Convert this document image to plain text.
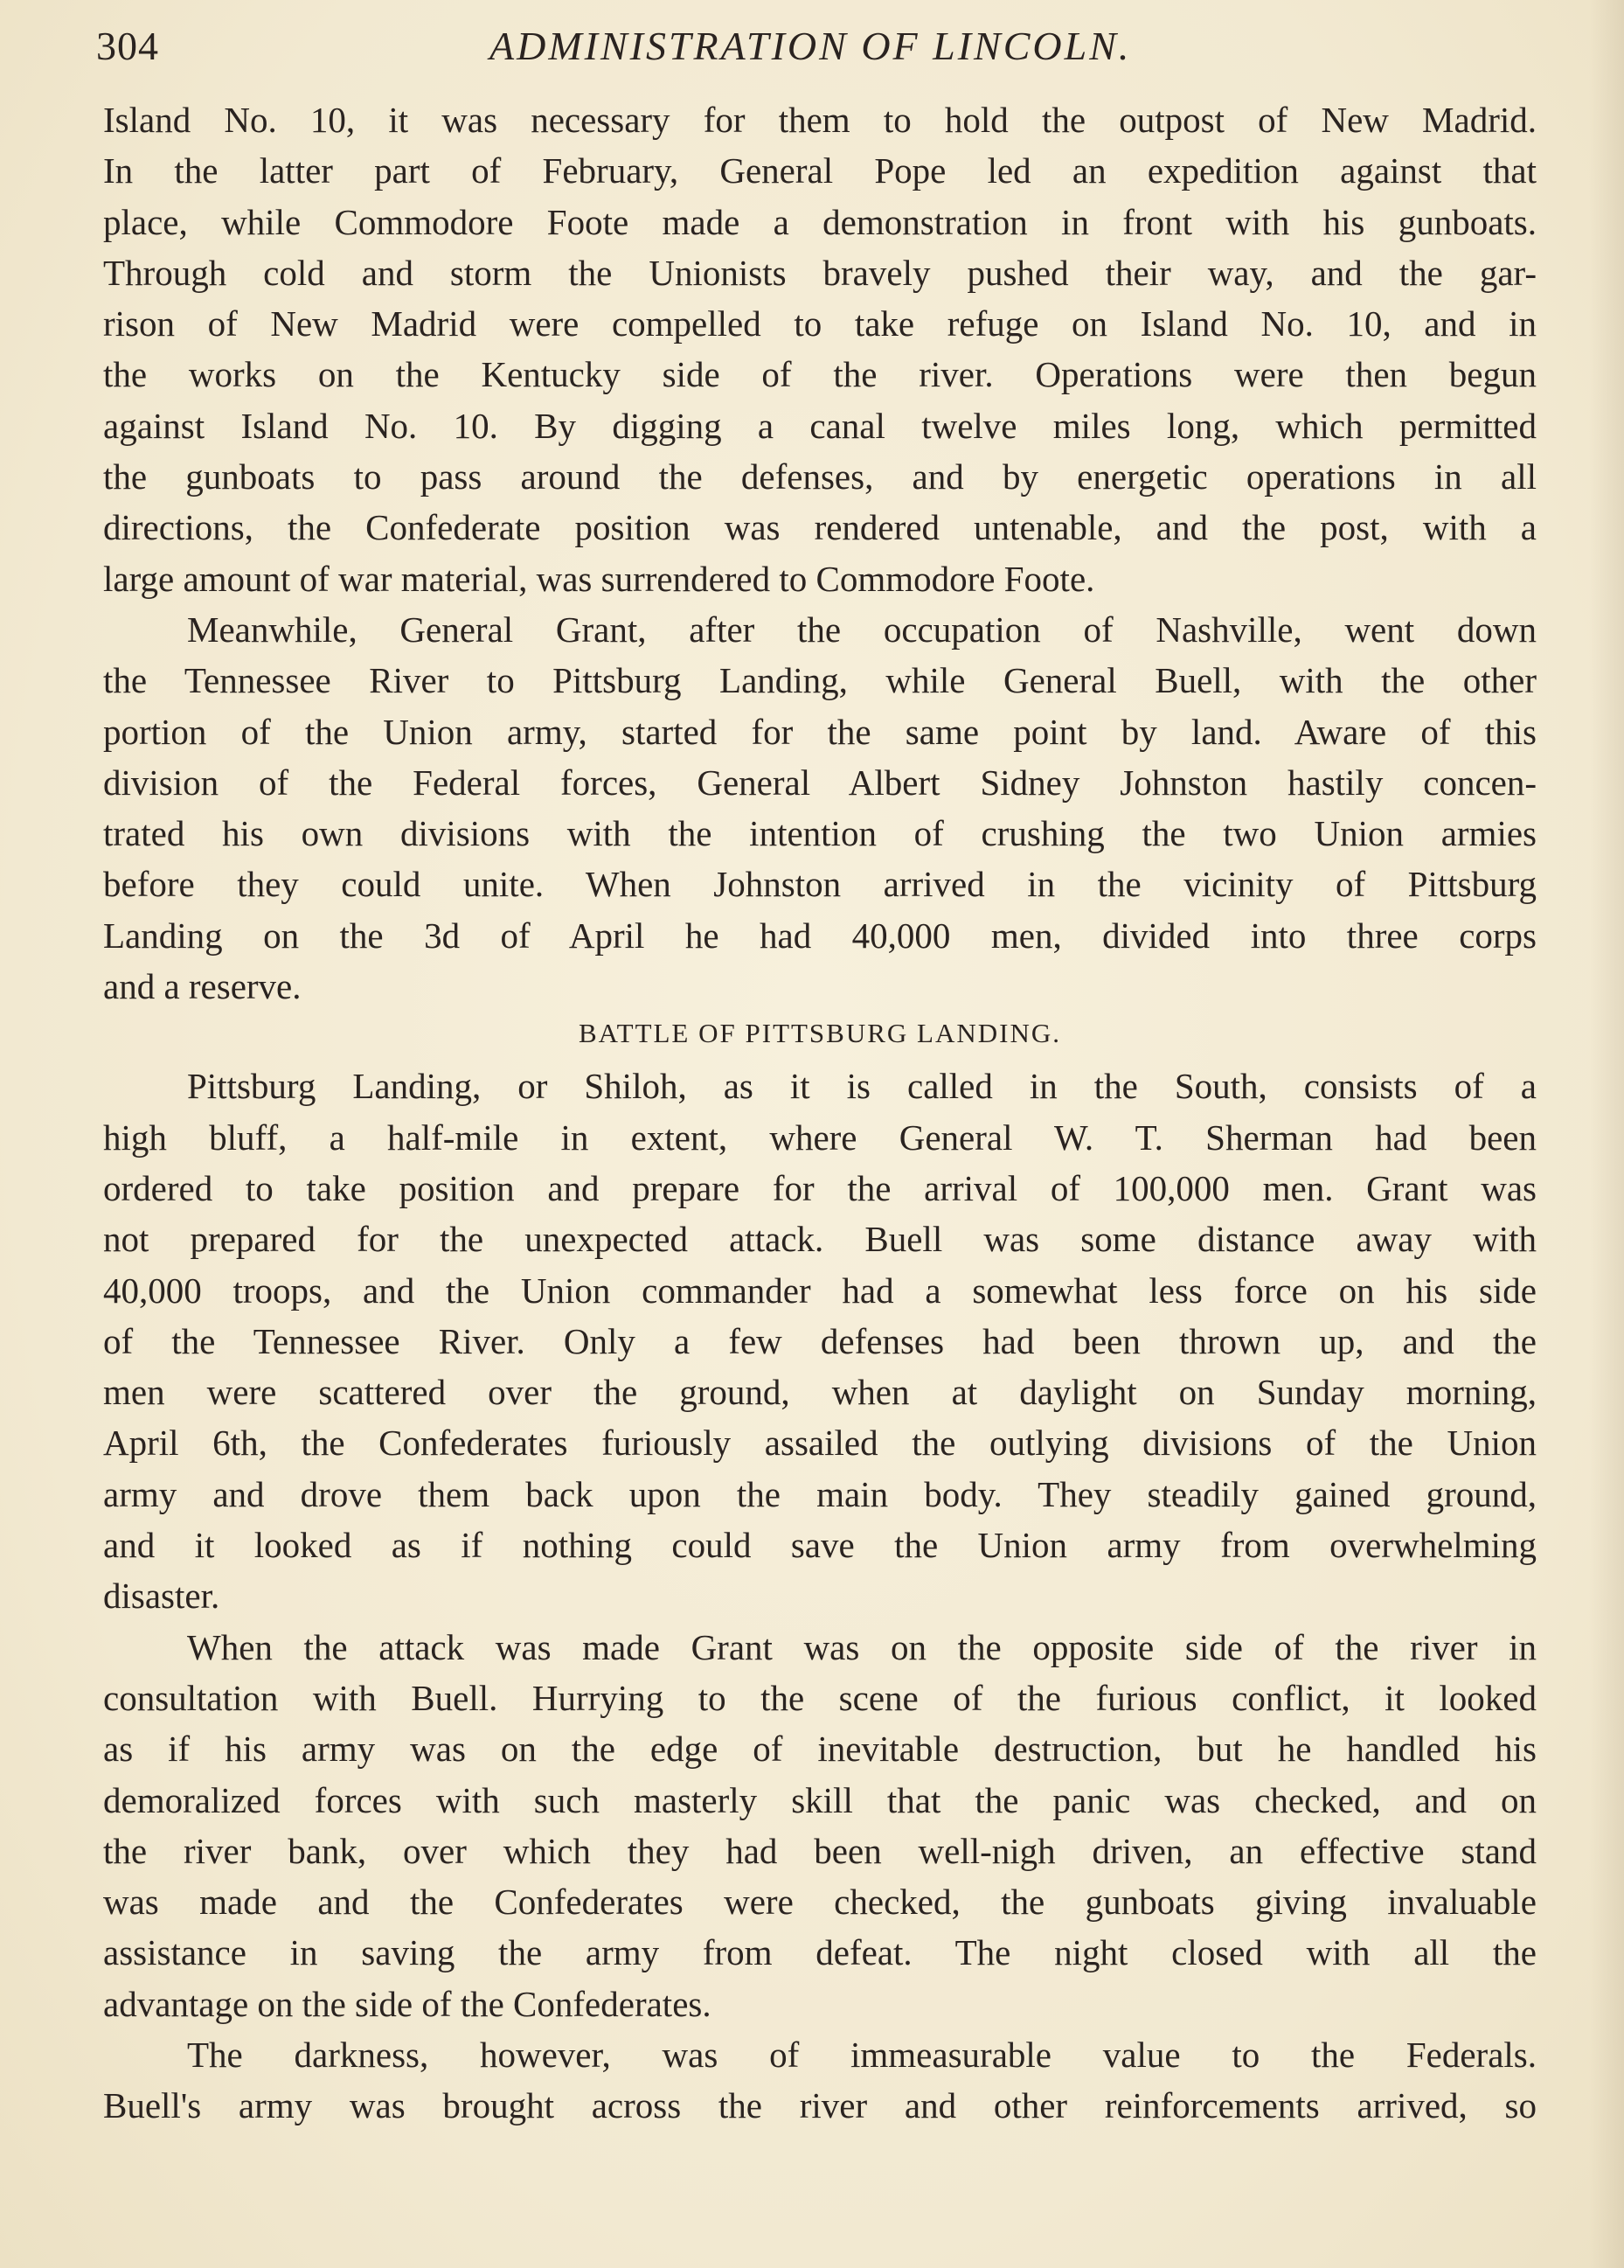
304	ADMINISTRATION OF LINCOLN.

Island No. 10, it was necessary for them to hold the outpost of New Madrid.
In the latter part of February, General Pope led an expedition against that
place, while Commodore Foote made a demonstration in front with his gunboats.
Through cold and storm the Unionists bravely pushed their way, and the gar-
rison of New Madrid were compelled to take refuge on Island No. 10, and in
the works on the Kentucky side of the river. Operations were then begun
against Island No. 10. By digging a canal twelve miles long, which permitted
the gunboats to pass around the defenses, and by energetic operations in all
directions, the Confederate position was rendered untenable, and the post, with a
large amount of war material, was surrendered to Commodore Foote.

Meanwhile, General Grant, after the occupation of Nashville, went down
the Tennessee River to Pittsburg Landing, while General Buell, with the other
portion of the Union army, started for the same point by land. Aware of this
division of the Federal forces, General Albert Sidney Johnston hastily concen-
trated his own divisions with the intention of crushing the two Union armies
before they could unite. When Johnston arrived in the vicinity of Pittsburg
Landing on the 3d of April he had 40,000 men, divided into three corps
and a reserve.

BATTLE OF PITTSBURG LANDING.

Pittsburg Landing, or Shiloh, as it is called in the South, consists of a
high bluff, a half-mile in extent, where General W. T. Sherman had been
ordered to take position and prepare for the arrival of 100,000 men. Grant was
not prepared for the unexpected attack. Buell was some distance away with
40,000 troops, and the Union commander had a somewhat less force on his side
of the Tennessee River. Only a few defenses had been thrown up, and the
men were scattered over the ground, when at daylight on Sunday morning,
April 6th, the Confederates furiously assailed the outlying divisions of the Union
army and drove them back upon the main body. They steadily gained ground,
and it looked as if nothing could save the Union army from overwhelming
disaster.

When the attack was made Grant was on the opposite side of the river in
consultation with Buell. Hurrying to the scene of the furious conflict, it looked
as if his army was on the edge of inevitable destruction, but he handled his
demoralized forces with such masterly skill that the panic was checked, and on
the river bank, over which they had been well-nigh driven, an effective stand
was made and the Confederates were checked, the gunboats giving invaluable
assistance in saving the army from defeat. The night closed with all the
advantage on the side of the Confederates.

The darkness, however, was of immeasurable value to the Federals.
Buell's army was brought across the river and other reinforcements arrived, so
